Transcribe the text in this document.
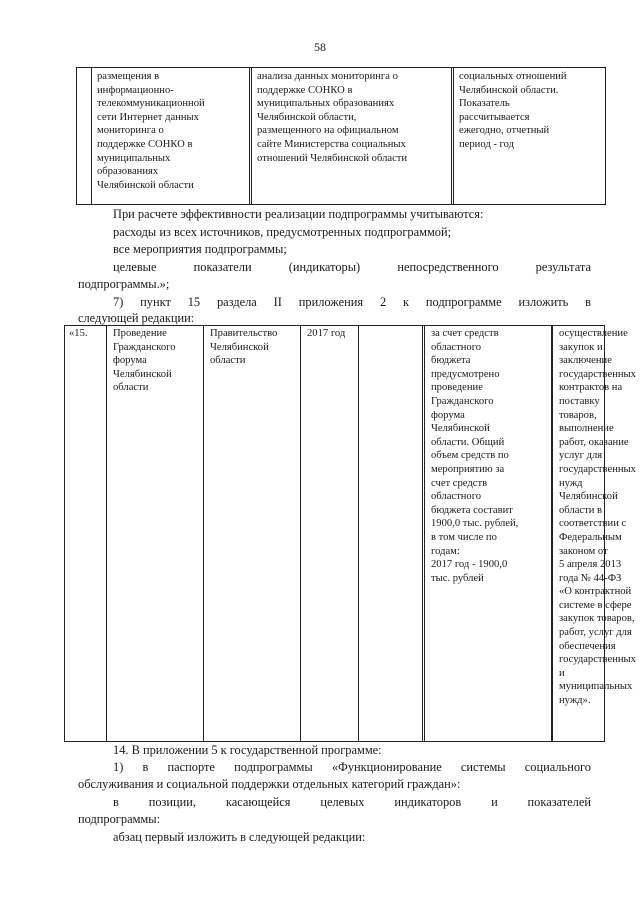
58
размещения в
информационно-
телекоммуникационной
сети Интернет данных
мониторинга о
поддержке СОНКО в
муниципальных
образованиях
Челябинской области
анализа данных мониторинга о
поддержке СОНКО в
муниципальных образованиях
Челябинской области,
размещенного на официальном
сайте Министерства социальных
отношений Челябинской области
социальных отношений
Челябинской области.
Показатель
рассчитывается
ежегодно, отчетный
период - год
При расчете эффективности реализации подпрограммы учитываются:
расходы из всех источников, предусмотренных подпрограммой;
все мероприятия подпрограммы;
целевые показатели (индикаторы) непосредственного результата
подпрограммы.»;
7) пункт 15 раздела II приложения 2 к подпрограмме изложить в
следующей редакции:
«15.	Проведение
Гражданского
форума
Челябинской
области
Правительство
Челябинской
области
2017 год	за счет средств
областного
бюджета
предусмотрено
проведение
Гражданского
форума
Челябинской
области. Общий
объем средств по
мероприятию за
счет средств
областного
бюджета составит
1900,0 тыс. рублей,
в том числе по
годам:
2017 год - 1900,0
тыс. рублей
осуществление
закупок и
заключение
государственных
контрактов на
поставку
товаров,
выполнение
работ, оказание
услуг для
государственных
нужд
Челябинской
области в
соответствии с
Федеральным
законом от
5 апреля 2013
года № 44-ФЗ
«О контрактной
системе в сфере
закупок товаров,
работ, услуг для
обеспечения
государственных
и
муниципальных
нужд».
14. В приложении 5 к государственной программе:
1) в паспорте подпрограммы «Функционирование системы социального
обслуживания и социальной поддержки отдельных категорий граждан»:
в позиции, касающейся целевых индикаторов и показателей
подпрограммы:
абзац первый изложить в следующей редакции:
